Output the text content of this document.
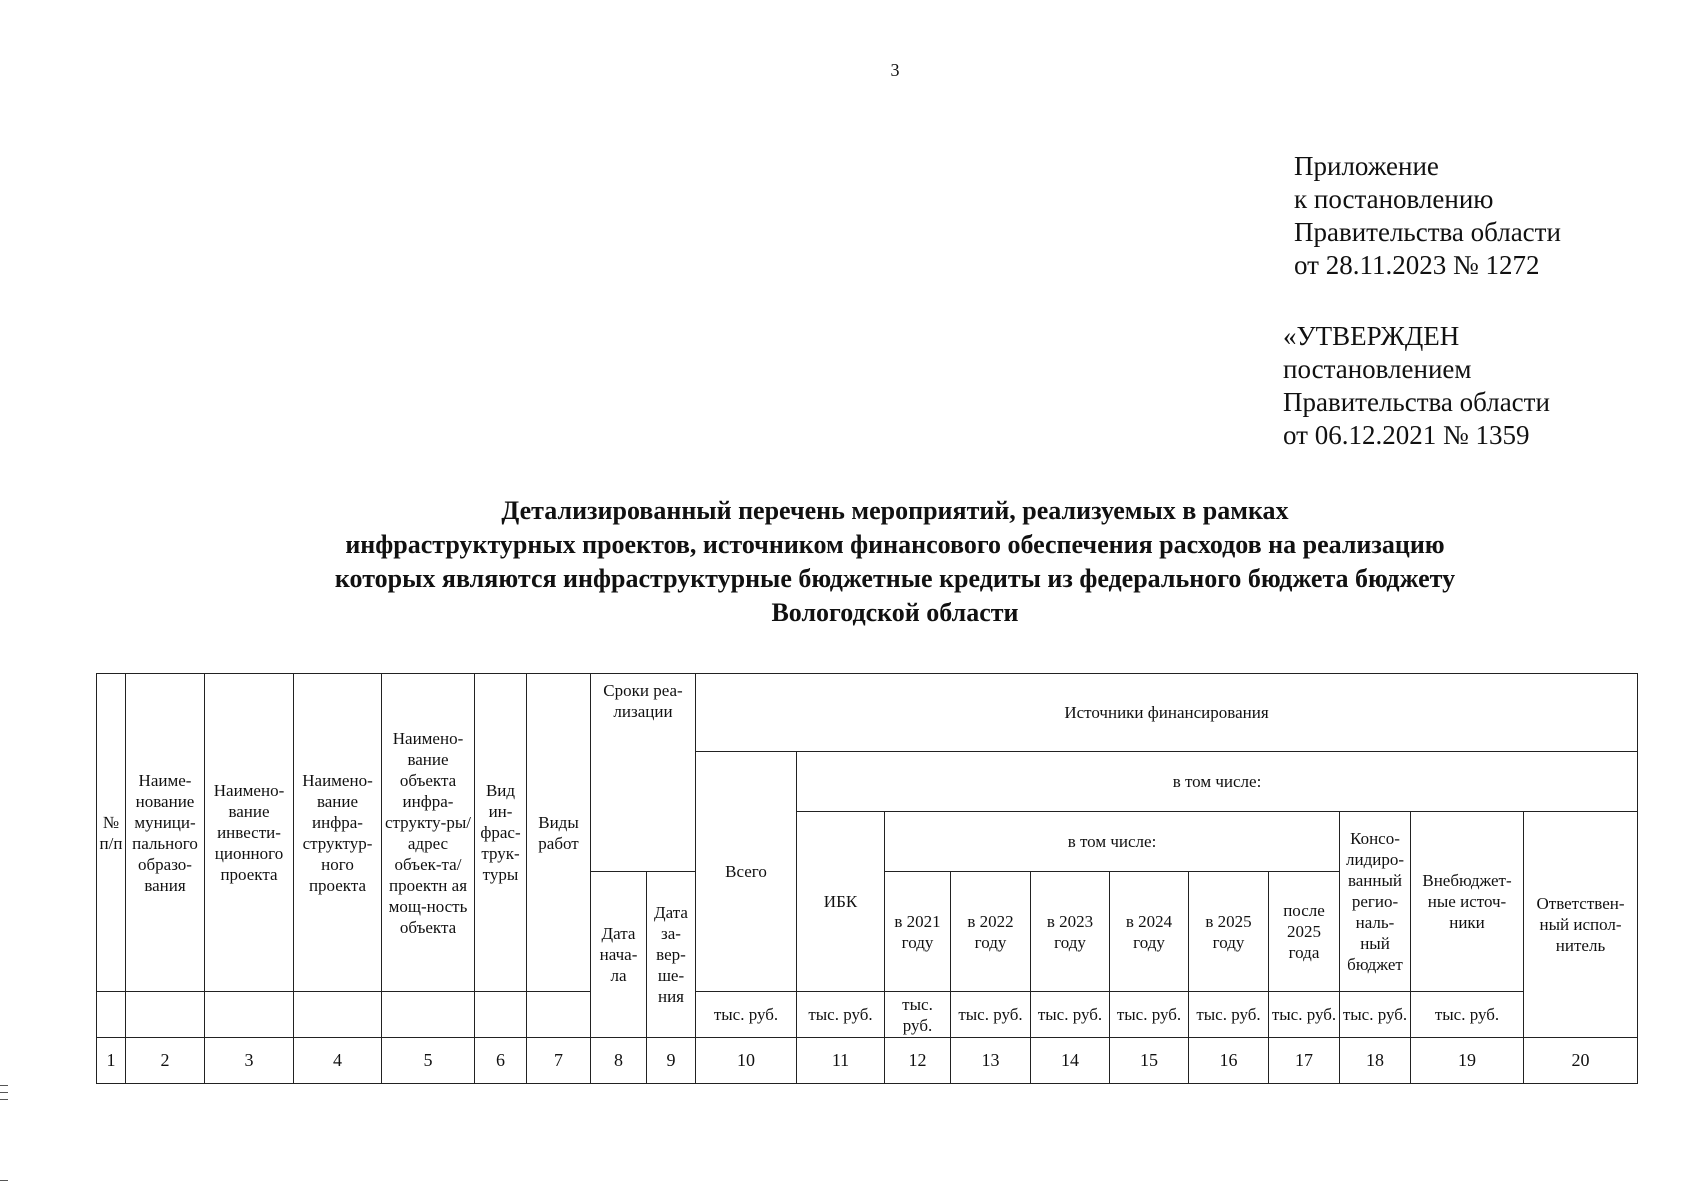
3
Приложение
к постановлению
Правительства области
от 28.11.2023 № 1272
«УТВЕРЖДЕН
постановлением
Правительства области
от 06.12.2021 № 1359
Детализированный перечень мероприятий, реализуемых в рамках
инфраструктурных проектов, источником финансового обеспечения расходов на реализацию
которых являются инфраструктурные бюджетные кредиты из федерального бюджета бюджету
Вологодской области
№ п/п	Наиме-нование муници-пального образо-вания	Наимено-вание инвести-ционного проекта	Наимено-вание инфра-структур-ного проекта	Наимено-вание объекта инфра-структу-ры/адрес объек-та/проектн ая мощ-ность объекта	Вид ин-фрас-трук-туры	Виды работ	Сроки реа-лизации		Источники финансирования										
									Всего	в том числе:									
										ИБК	в том числе:						Консо-лидиро-ванный регио-наль-ный бюджет	Внебюджет-ные источ-ники	Ответствен-ный испол-нитель
							Дата нача-ла	Дата за-вер-ше-ния			в 2021 году	в 2022 году	в 2023 году	в 2024 году	в 2025 году	после 2025 года			
									тыс. руб.	тыс. руб.	тыс. руб.	тыс. руб.	тыс. руб.	тыс. руб.	тыс. руб.	тыс. руб.	тыс. руб.	тыс. руб.	
1	2	3	4	5	6	7	8	9	10	11	12	13	14	15	16	17	18	19	20
